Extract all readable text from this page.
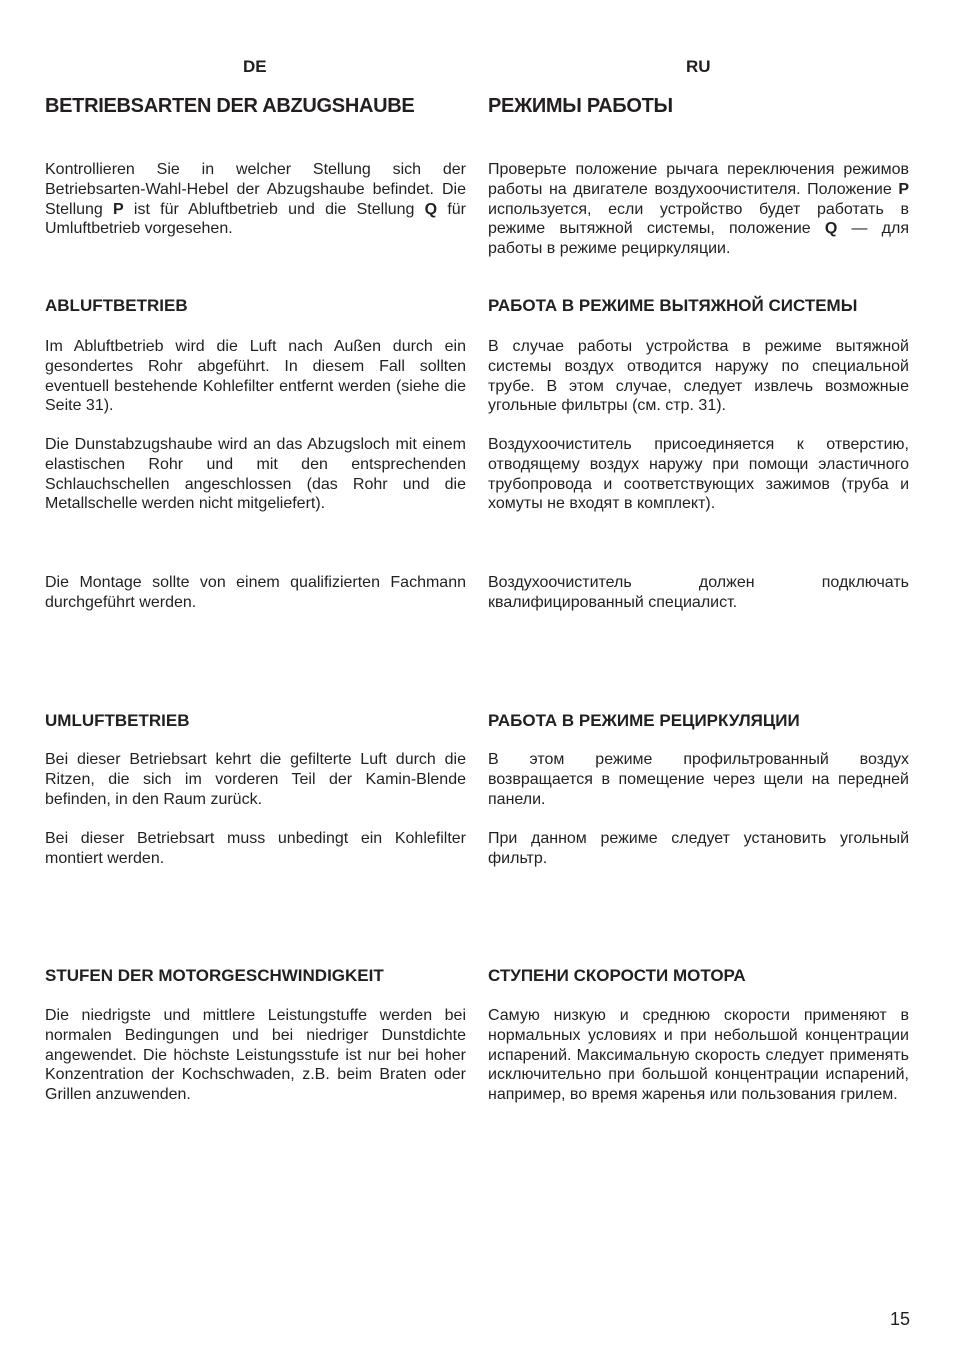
DE	RU
BETRIEBSARTEN DER ABZUGSHAUBE	РЕЖИМЫ РАБОТЫ
Kontrollieren Sie in welcher Stellung sich der Betriebsarten-Wahl-Hebel der Abzugshaube befindet. Die Stellung P ist für Abluftbetrieb und die Stellung Q für Umluftbetrieb vorgesehen.
Проверьте положение рычага переключения режимов работы на двигателе воздухоочистителя. Положение P используется, если устройство будет работать в режиме вытяжной системы, положение Q — для работы в режиме рециркуляции.
ABLUFTBETRIEB	РАБОТА В РЕЖИМЕ ВЫТЯЖНОЙ СИСТЕМЫ
Im Abluftbetrieb wird die Luft nach Außen durch ein gesondertes Rohr abgeführt. In diesem Fall sollten eventuell bestehende Kohlefilter entfernt werden (siehe die Seite 31).
В случае работы устройства в режиме вытяжной системы воздух отводится наружу по специальной трубе. В этом случае, следует извлечь возможные угольные фильтры (см. стр. 31).
Die Dunstabzugshaube wird an das Abzugsloch mit einem elastischen Rohr und mit den entsprechenden Schlauchschellen angeschlossen (das Rohr und die Metallschelle werden nicht mitgeliefert).
Воздухоочиститель присоединяется к отверстию, отводящему воздух наружу при помощи эластичного трубопровода и соответствующих зажимов (труба и хомуты не входят в комплект).
Die Montage sollte von einem qualifizierten Fachmann durchgeführt werden.
Воздухоочиститель должен подключать квалифицированный специалист.
UMLUFTBETRIEB	РАБОТА В РЕЖИМЕ РЕЦИРКУЛЯЦИИ
Bei dieser Betriebsart kehrt die gefilterte Luft durch die Ritzen, die sich im vorderen Teil der Kamin-Blende befinden, in den Raum zurück.
В этом режиме профильтрованный воздух возвращается в помещение через щели на передней панели.
Bei dieser Betriebsart muss unbedingt ein Kohlefilter montiert werden.
При данном режиме следует установить угольный фильтр.
STUFEN DER MOTORGESCHWINDIGKEIT	СТУПЕНИ СКОРОСТИ МОТОРА
Die niedrigste und mittlere Leistungstuffe werden bei normalen Bedingungen und bei niedriger Dunstdichte angewendet. Die höchste Leistungsstufe ist nur bei hoher Konzentration der Kochschwaden, z.B. beim Braten oder Grillen anzuwenden.
Самую низкую и среднюю скорости применяют в нормальных условиях и при небольшой концентрации испарений. Максимальную скорость следует применять исключительно при большой концентрации испарений, например, во время жаренья или пользования грилем.
15
